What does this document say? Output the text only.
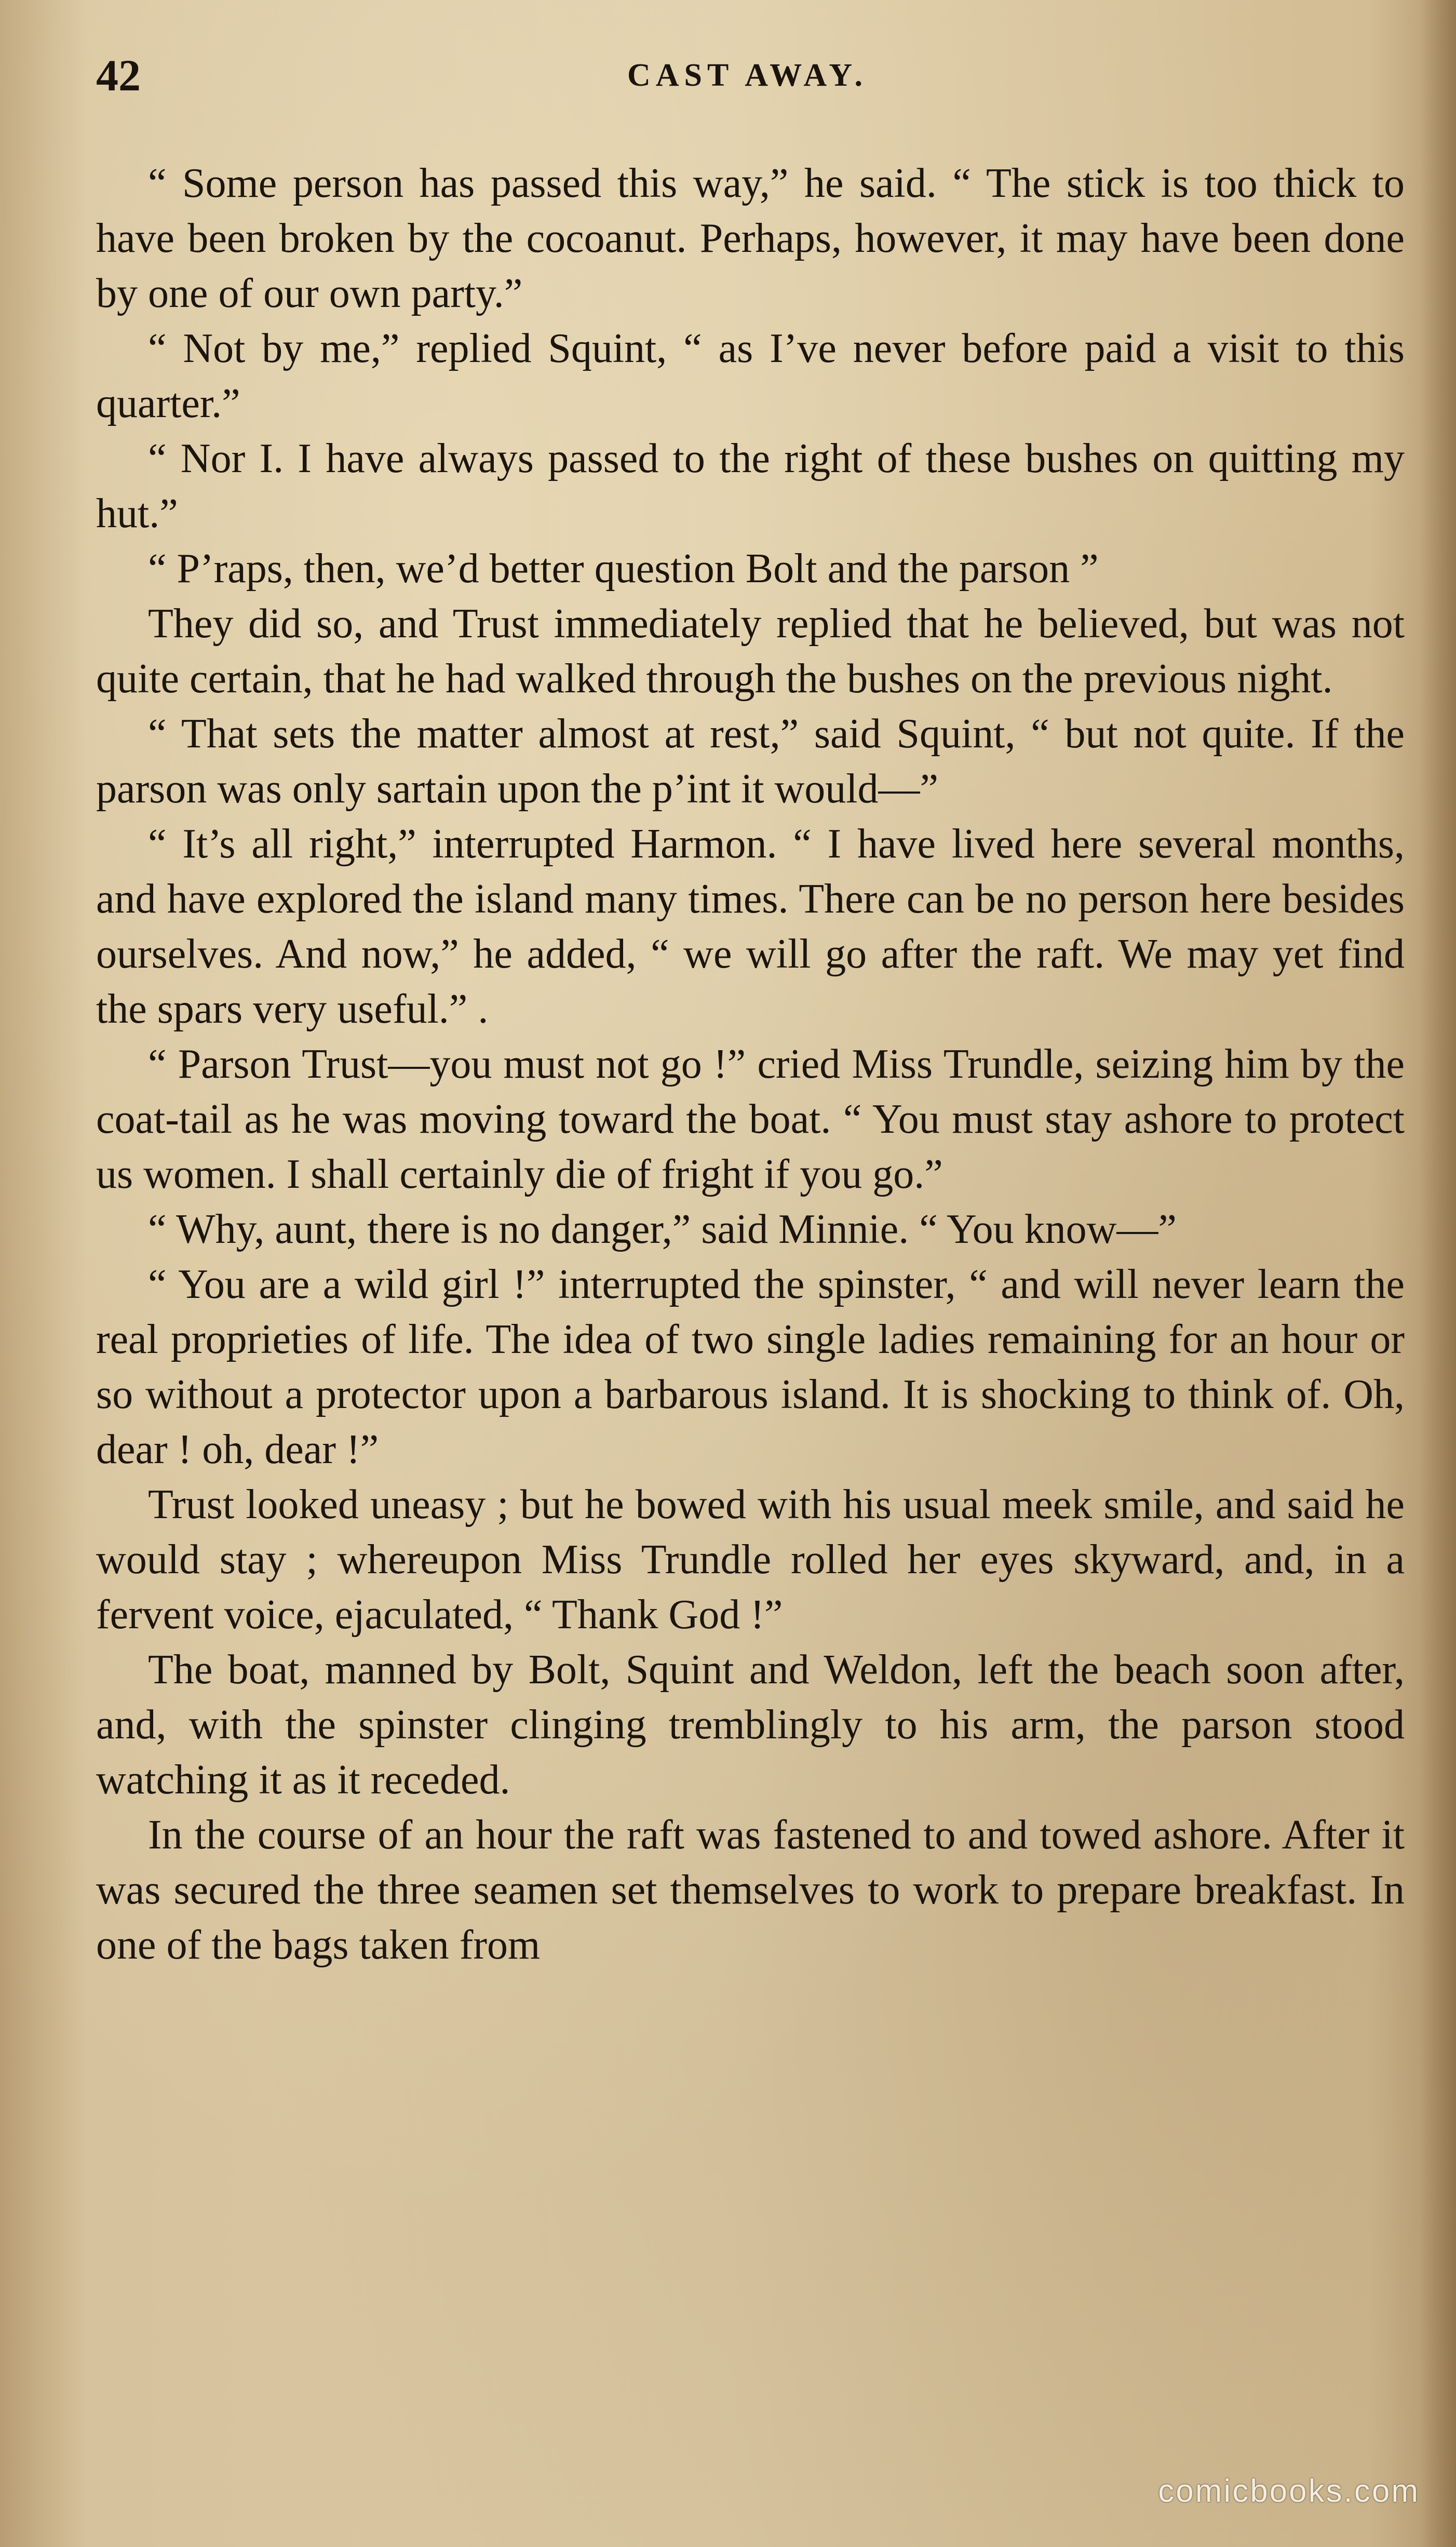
42	CAST AWAY.

“ Some person has passed this way,” he said. “ The stick is too thick to have been broken by the cocoanut. Perhaps, however, it may have been done by one of our own party.”

“ Not by me,” replied Squint, “ as I’ve never before paid a visit to this quarter.”

“ Nor I. I have always passed to the right of these bushes on quitting my hut.”

“ P’raps, then, we’d better question Bolt and the parson ”

They did so, and Trust immediately replied that he believed, but was not quite certain, that he had walked through the bushes on the previous night.

“ That sets the matter almost at rest,” said Squint, “ but not quite. If the parson was only sartain upon the p’int it would—”

“ It’s all right,” interrupted Harmon. “ I have lived here several months, and have explored the island many times. There can be no person here besides ourselves. And now,” he added, “ we will go after the raft. We may yet find the spars very useful.” .

“ Parson Trust—you must not go !” cried Miss Trundle, seizing him by the coat-tail as he was moving toward the boat. “ You must stay ashore to protect us women. I shall certainly die of fright if you go.”

“ Why, aunt, there is no danger,” said Minnie. “ You know—”

“ You are a wild girl !” interrupted the spinster, “ and will never learn the real proprieties of life. The idea of two single ladies remaining for an hour or so without a protector upon a barbarous island. It is shocking to think of. Oh, dear ! oh, dear !”

Trust looked uneasy ; but he bowed with his usual meek smile, and said he would stay ; whereupon Miss Trundle rolled her eyes skyward, and, in a fervent voice, ejaculated, “ Thank God !”

The boat, manned by Bolt, Squint and Weldon, left the beach soon after, and, with the spinster clinging tremblingly to his arm, the parson stood watching it as it receded.

In the course of an hour the raft was fastened to and towed ashore. After it was secured the three seamen set themselves to work to prepare breakfast. In one of the bags taken from

comicbooks.com
